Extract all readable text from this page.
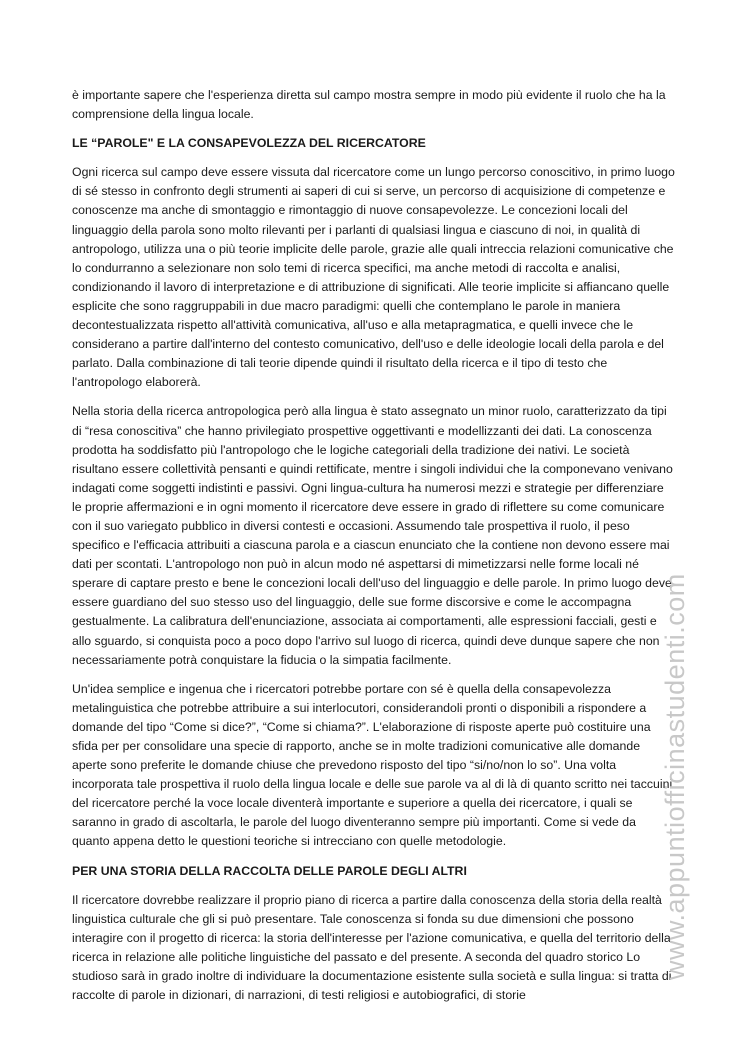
è importante sapere che l'esperienza diretta sul campo mostra sempre in modo più evidente il ruolo che ha la comprensione della lingua locale.

LE “PAROLE" E LA CONSAPEVOLEZZA DEL RICERCATORE

Ogni ricerca sul campo deve essere vissuta dal ricercatore come un lungo percorso conoscitivo, in primo luogo di sé stesso in confronto degli strumenti ai saperi di cui si serve, un percorso di acquisizione di competenze e conoscenze ma anche di smontaggio e rimontaggio di nuove consapevolezze. Le concezioni locali del linguaggio della parola sono molto rilevanti per i parlanti di qualsiasi lingua e ciascuno di noi, in qualità di antropologo, utilizza una o più teorie implicite delle parole, grazie alle quali intreccia relazioni comunicative che lo condurranno a selezionare non solo temi di ricerca specifici, ma anche metodi di raccolta e analisi, condizionando il lavoro di interpretazione e di attribuzione di significati. Alle teorie implicite si affiancano quelle esplicite che sono raggruppabili in due macro paradigmi: quelli che contemplano le parole in maniera decontestualizzata rispetto all'attività comunicativa, all'uso e alla metapragmatica, e quelli invece che le considerano a partire dall'interno del contesto comunicativo, dell'uso e delle ideologie locali della parola e del parlato. Dalla combinazione di tali teorie dipende quindi il risultato della ricerca e il tipo di testo che l'antropologo elaborerà.

Nella storia della ricerca antropologica però alla lingua è stato assegnato un minor ruolo, caratterizzato da tipi di “resa conoscitiva” che hanno privilegiato prospettive oggettivanti e modellizzanti dei dati. La conoscenza prodotta ha soddisfatto più l'antropologo che le logiche categoriali della tradizione dei nativi. Le società risultano essere collettività pensanti e quindi rettificate, mentre i singoli individui che la componevano venivano indagati come soggetti indistinti e passivi. Ogni lingua-cultura ha numerosi mezzi e strategie per differenziare le proprie affermazioni e in ogni momento il ricercatore deve essere in grado di riflettere su come comunicare con il suo variegato pubblico in diversi contesti e occasioni. Assumendo tale prospettiva il ruolo, il peso specifico e l'efficacia attribuiti a ciascuna parola e a ciascun enunciato che la contiene non devono essere mai dati per scontati. L'antropologo non può in alcun modo né aspettarsi di mimetizzarsi nelle forme locali né sperare di captare presto e bene le concezioni locali dell'uso del linguaggio e delle parole. In primo luogo deve essere guardiano del suo stesso uso del linguaggio, delle sue forme discorsive e come le accompagna gestualmente. La calibratura dell'enunciazione, associata ai comportamenti, alle espressioni facciali, gesti e allo sguardo, si conquista poco a poco dopo l'arrivo sul luogo di ricerca, quindi deve dunque sapere che non necessariamente potrà conquistare la fiducia o la simpatia facilmente.

Un'idea semplice e ingenua che i ricercatori potrebbe portare con sé è quella della consapevolezza metalinguistica che potrebbe attribuire a sui interlocutori, considerandoli pronti o disponibili a rispondere a domande del tipo “Come si dice?”, “Come si chiama?”. L'elaborazione di risposte aperte può costituire una sfida per per consolidare una specie di rapporto, anche se in molte tradizioni comunicative alle domande aperte sono preferite le domande chiuse che prevedono risposto del tipo “si/no/non lo so”. Una volta incorporata tale prospettiva il ruolo della lingua locale e delle sue parole va al di là di quanto scritto nei taccuini del ricercatore perché la voce locale diventerà importante e superiore a quella dei ricercatore, i quali se saranno in grado di ascoltarla, le parole del luogo diventeranno sempre più importanti. Come si vede da quanto appena detto le questioni teoriche si intrecciano con quelle metodologie.

PER UNA STORIA DELLA RACCOLTA DELLE PAROLE DEGLI ALTRI

Il ricercatore dovrebbe realizzare il proprio piano di ricerca a partire dalla conoscenza della storia della realtà linguistica culturale che gli si può presentare. Tale conoscenza si fonda su due dimensioni che possono interagire con il progetto di ricerca: la storia dell'interesse per l'azione comunicativa, e quella del territorio della ricerca in relazione alle politiche linguistiche del passato e del presente. A seconda del quadro storico Lo studioso sarà in grado inoltre di individuare la documentazione esistente sulla società e sulla lingua: si tratta di raccolte di parole in dizionari, di narrazioni, di testi religiosi e autobiografici, di storie

www.appuntiofficinastudenti.com
